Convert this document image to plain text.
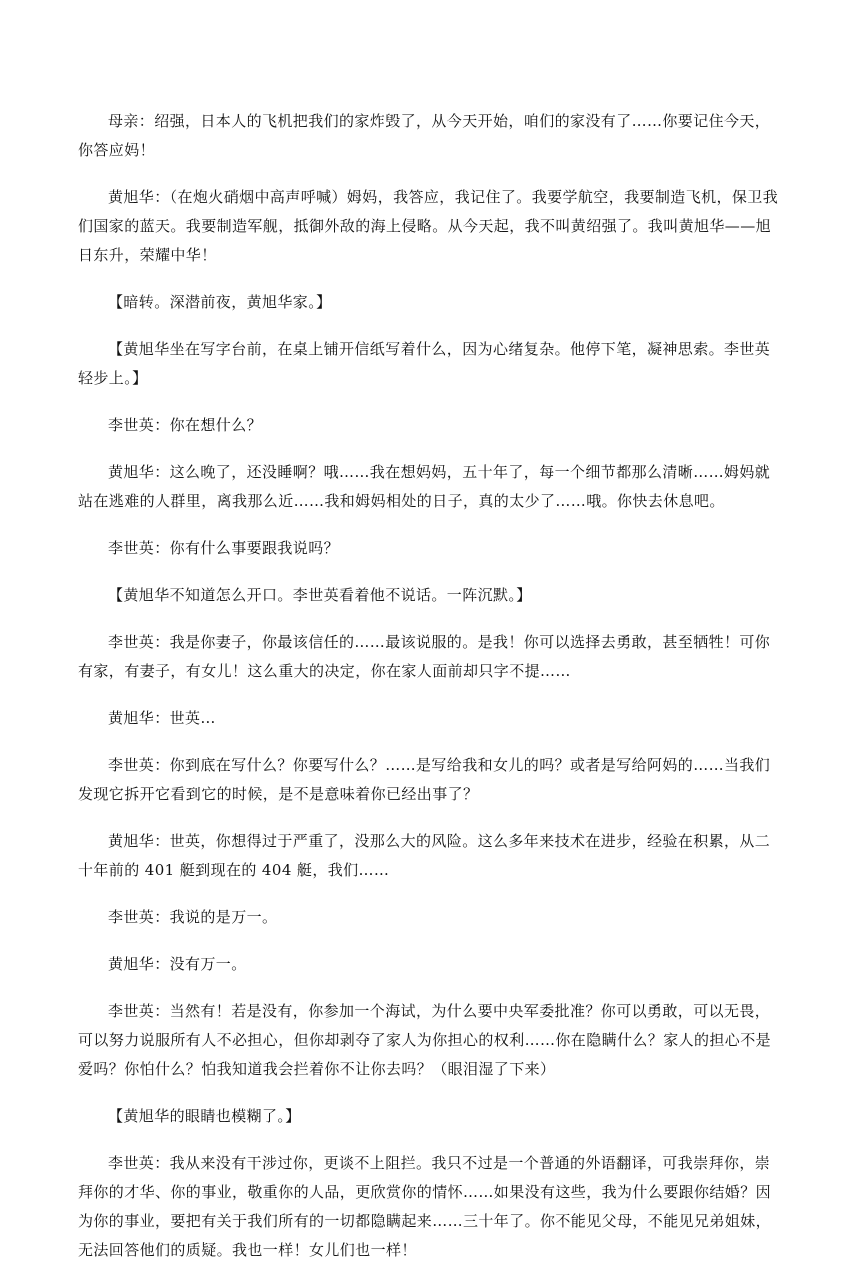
母亲：绍强，日本人的飞机把我们的家炸毁了，从今天开始，咱们的家没有了……你要记住今天，你答应妈！

黄旭华：（在炮火硝烟中高声呼喊）姆妈，我答应，我记住了。我要学航空，我要制造飞机，保卫我们国家的蓝天。我要制造军舰，抵御外敌的海上侵略。从今天起，我不叫黄绍强了。我叫黄旭华——旭日东升，荣耀中华！

【暗转。深潜前夜，黄旭华家。】

【黄旭华坐在写字台前，在桌上铺开信纸写着什么，因为心绪复杂。他停下笔，凝神思索。李世英轻步上。】

李世英：你在想什么？

黄旭华：这么晚了，还没睡啊？哦……我在想妈妈，五十年了，每一个细节都那么清晰……姆妈就站在逃难的人群里，离我那么近……我和姆妈相处的日子，真的太少了……哦。你快去休息吧。

李世英：你有什么事要跟我说吗？

【黄旭华不知道怎么开口。李世英看着他不说话。一阵沉默。】

李世英：我是你妻子，你最该信任的……最该说服的。是我！你可以选择去勇敢，甚至牺牲！可你有家，有妻子，有女儿！这么重大的决定，你在家人面前却只字不提……

黄旭华：世英…

李世英：你到底在写什么？你要写什么？……是写给我和女儿的吗？或者是写给阿妈的……当我们发现它拆开它看到它的时候，是不是意味着你已经出事了？

黄旭华：世英，你想得过于严重了，没那么大的风险。这么多年来技术在进步，经验在积累，从二十年前的 401 艇到现在的 404 艇，我们……

李世英：我说的是万一。

黄旭华：没有万一。

李世英：当然有！若是没有，你参加一个海试，为什么要中央军委批准？你可以勇敢，可以无畏，可以努力说服所有人不必担心，但你却剥夺了家人为你担心的权利……你在隐瞒什么？家人的担心不是爱吗？你怕什么？怕我知道我会拦着你不让你去吗？（眼泪湿了下来）

【黄旭华的眼睛也模糊了。】

李世英：我从来没有干涉过你，更谈不上阻拦。我只不过是一个普通的外语翻译，可我崇拜你，崇拜你的才华、你的事业，敬重你的人品，更欣赏你的情怀……如果没有这些，我为什么要跟你结婚？因为你的事业，要把有关于我们所有的一切都隐瞒起来……三十年了。你不能见父母，不能见兄弟姐妹，无法回答他们的质疑。我也一样！女儿们也一样！
